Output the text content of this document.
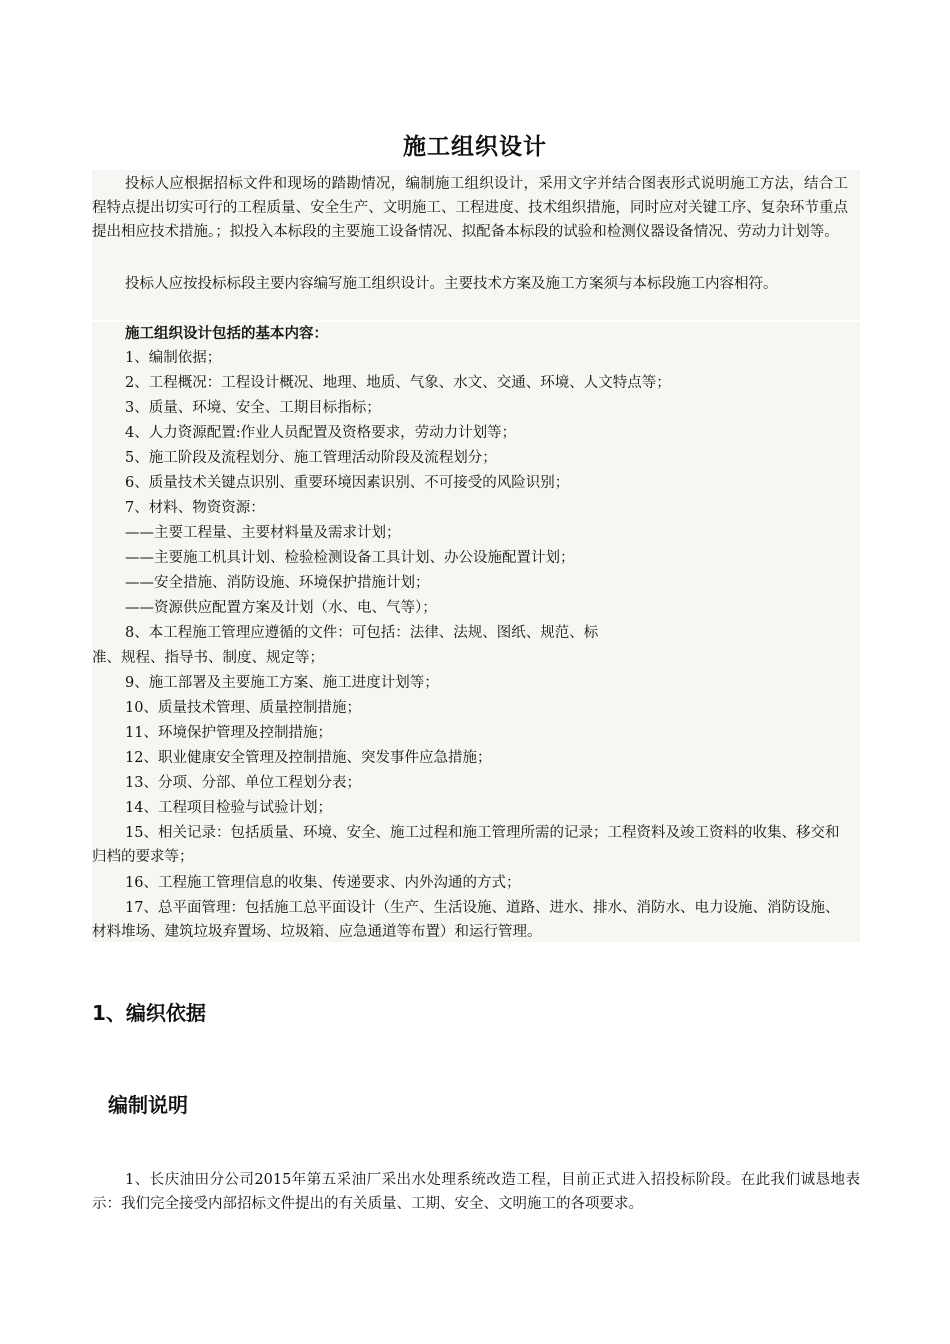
施工组织设计
投标人应根据招标文件和现场的踏勘情况，编制施工组织设计，采用文字并结合图表形式说明施工方法，结合工程特点提出切实可行的工程质量、安全生产、文明施工、工程进度、技术组织措施，同时应对关键工序、复杂环节重点提出相应技术措施。；拟投入本标段的主要施工设备情况、拟配备本标段的试验和检测仪器设备情况、劳动力计划等。
投标人应按投标标段主要内容编写施工组织设计。主要技术方案及施工方案须与本标段施工内容相符。
施工组织设计包括的基本内容：
1、编制依据；
2、工程概况：工程设计概况、地理、地质、气象、水文、交通、环境、人文特点等；
3、质量、环境、安全、工期目标指标；
4、人力资源配置:作业人员配置及资格要求，劳动力计划等；
5、施工阶段及流程划分、施工管理活动阶段及流程划分；
6、质量技术关键点识别、重要环境因素识别、不可接受的风险识别；
7、材料、物资资源：
——主要工程量、主要材料量及需求计划；
——主要施工机具计划、检验检测设备工具计划、办公设施配置计划；
——安全措施、消防设施、环境保护措施计划；
——资源供应配置方案及计划（水、电、气等）；
8、本工程施工管理应遵循的文件：可包括：法律、法规、图纸、规范、标
准、规程、指导书、制度、规定等；
9、施工部署及主要施工方案、施工进度计划等；
10、质量技术管理、质量控制措施；
11、环境保护管理及控制措施；
12、职业健康安全管理及控制措施、突发事件应急措施；
13、分项、分部、单位工程划分表；
14、工程项目检验与试验计划；
15、相关记录：包括质量、环境、安全、施工过程和施工管理所需的记录；工程资料及竣工资料的收集、移交和归档的要求等；
16、工程施工管理信息的收集、传递要求、内外沟通的方式；
17、总平面管理：包括施工总平面设计（生产、生活设施、道路、进水、排水、消防水、电力设施、消防设施、材料堆场、建筑垃圾弃置场、垃圾箱、应急通道等布置）和运行管理。
1、编织依据
编制说明
1、长庆油田分公司2015年第五采油厂采出水处理系统改造工程，目前正式进入招投标阶段。在此我们诚恳地表示：我们完全接受内部招标文件提出的有关质量、工期、安全、文明施工的各项要求。
